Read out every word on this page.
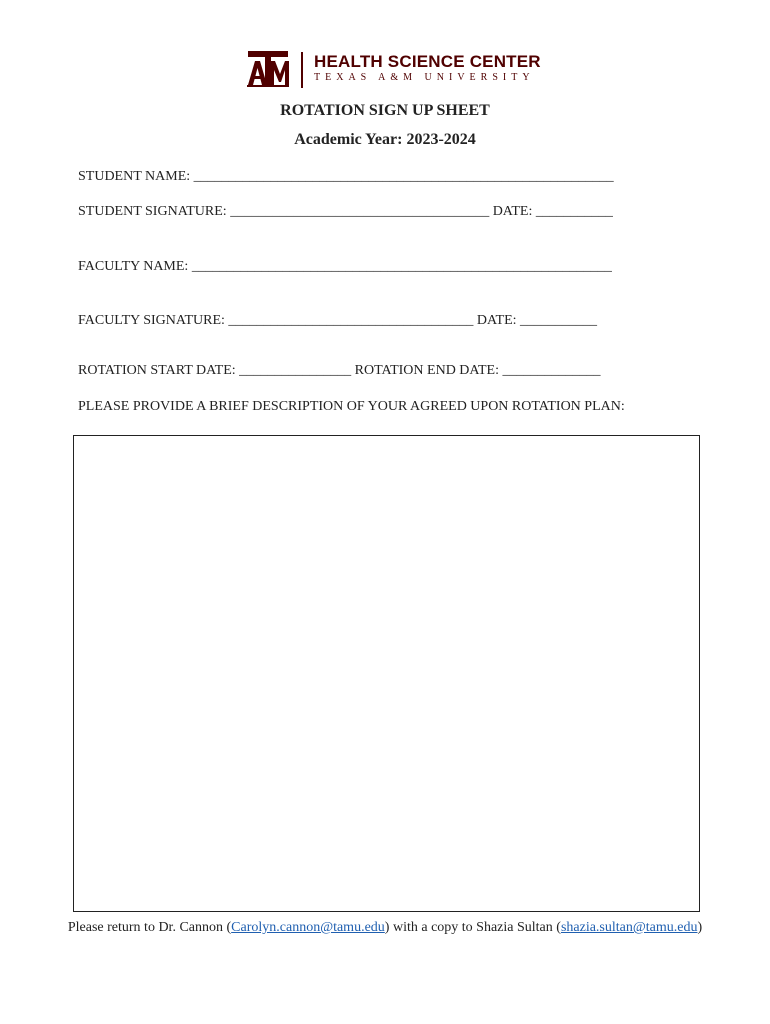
HEALTH SCIENCE CENTER
TEXAS A&M UNIVERSITY
ROTATION SIGN UP SHEET
Academic Year: 2023-2024
STUDENT NAME: ____________________________________________________________
STUDENT SIGNATURE: _____________________________________ DATE: ___________
FACULTY NAME: ____________________________________________________________
FACULTY SIGNATURE: ___________________________________ DATE: ___________
ROTATION START DATE: ________________ ROTATION END DATE: ______________
PLEASE PROVIDE A BRIEF DESCRIPTION OF YOUR AGREED UPON ROTATION PLAN:
Please return to Dr. Cannon (Carolyn.cannon@tamu.edu) with a copy to Shazia Sultan (shazia.sultan@tamu.edu)
